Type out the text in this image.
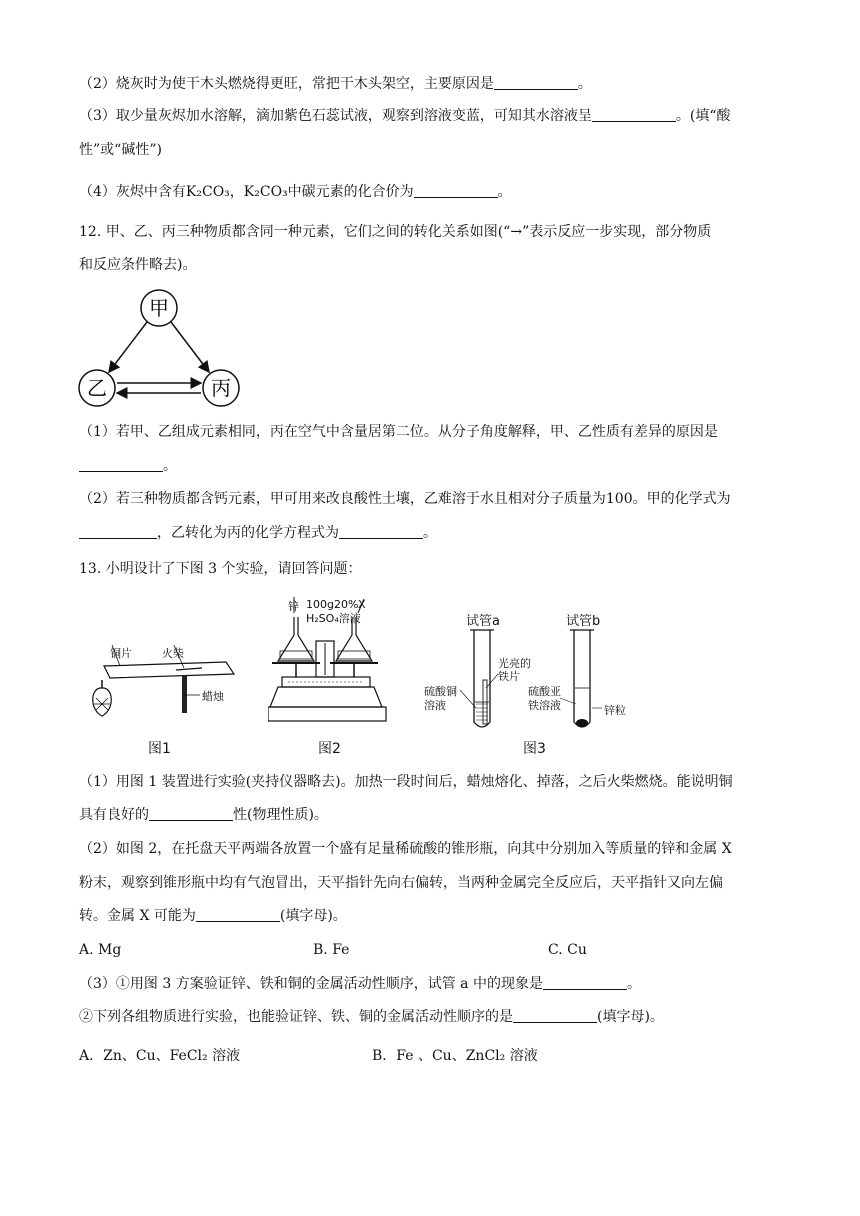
（2）烧灰时为使干木头燃烧得更旺，常把干木头架空，主要原因是	。
（3）取少量灰烬加水溶解，滴加紫色石蕊试液，观察到溶液变蓝，可知其水溶液呈	。(填“酸
性”或“碱性”)
（4）灰烬中含有K₂CO₃，K₂CO₃中碳元素的化合价为	。
12. 甲、乙、丙三种物质都含同一种元素，它们之间的转化关系如图(“→”表示反应一步实现，部分物质
和反应条件略去)。
甲
乙	丙
（1）若甲、乙组成元素相同，丙在空气中含量居第二位。从分子角度解释，甲、乙性质有差异的原因是
。
（2）若三种物质都含钙元素，甲可用来改良酸性土壤，乙难溶于水且相对分子质量为100。甲的化学式为
，乙转化为丙的化学方程式为	。
13. 小明设计了下图 3 个实验，请回答问题：
铜片	火柴
蜡烛
图1
锌 100g20%
H₂SO₄溶液
X
图2
试管a	试管b
光亮的
铁片
硫酸铜
溶液
硫酸亚
铁溶液	锌粒
图3
（1）用图 1 装置进行实验(夹持仪器略去)。加热一段时间后，蜡烛熔化、掉落，之后火柴燃烧。能说明铜
具有良好的	性(物理性质)。
（2）如图 2，在托盘天平两端各放置一个盛有足量稀硫酸的锥形瓶，向其中分别加入等质量的锌和金属 X
粉末，观察到锥形瓶中均有气泡冒出，天平指针先向右偏转，当两种金属完全反应后，天平指针又向左偏
转。金属 X 可能为	(填字母)。
A. Mg	B. Fe	C. Cu
（3）①用图 3 方案验证锌、铁和铜的金属活动性顺序，试管 a 中的现象是	。
②下列各组物质进行实验，也能验证锌、铁、铜的金属活动性顺序的是	(填字母)。
A．Zn、Cu、FeCl₂ 溶液	B．Fe 、Cu、ZnCl₂ 溶液
